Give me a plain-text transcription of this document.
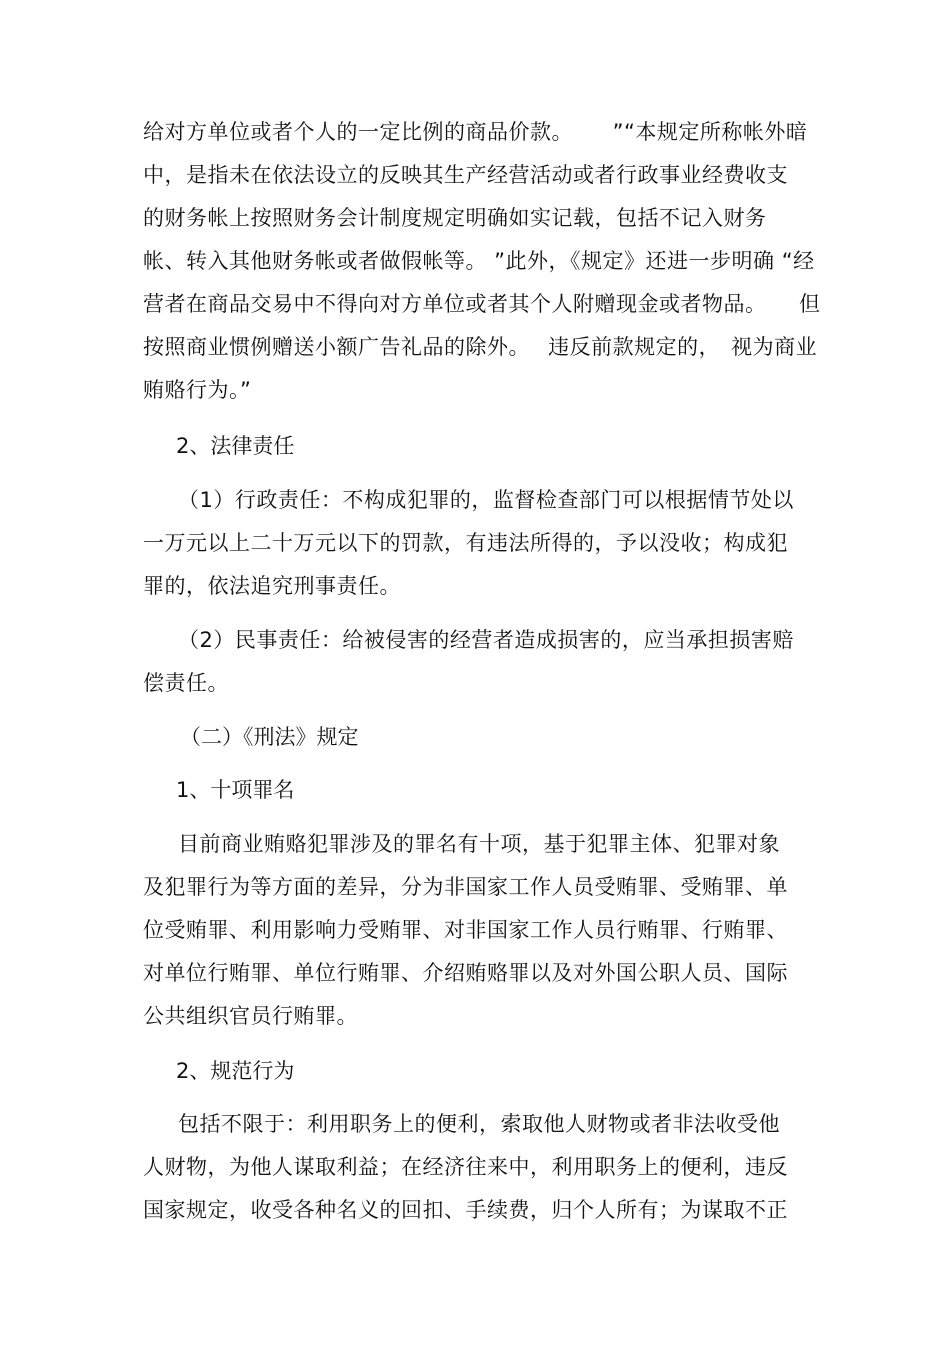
给对方单位或者个人的一定比例的商品价款。　　 ”“本规定所称帐外暗
中，是指未在依法设立的反映其生产经营活动或者行政事业经费收支
的财务帐上按照财务会计制度规定明确如实记载，包括不记入财务
帐、转入其他财务帐或者做假帐等。 ”此外，《规定》还进一步明确 “经
营者在商品交易中不得向对方单位或者其个人附赠现金或者物品。　　但
按照商业惯例赠送小额广告礼品的除外。　 违反前款规定的，　视为商业
贿赂行为。”
2、法律责任
（1）行政责任：不构成犯罪的，监督检查部门可以根据情节处以
一万元以上二十万元以下的罚款，有违法所得的，予以没收；构成犯
罪的，依法追究刑事责任。
（2）民事责任：给被侵害的经营者造成损害的，应当承担损害赔
偿责任。
（二）《刑法》规定
1、十项罪名
目前商业贿赂犯罪涉及的罪名有十项，基于犯罪主体、犯罪对象
及犯罪行为等方面的差异，分为非国家工作人员受贿罪、受贿罪、单
位受贿罪、利用影响力受贿罪、对非国家工作人员行贿罪、行贿罪、
对单位行贿罪、单位行贿罪、介绍贿赂罪以及对外国公职人员、国际
公共组织官员行贿罪。
2、规范行为
包括不限于：利用职务上的便利，索取他人财物或者非法收受他
人财物，为他人谋取利益；在经济往来中，利用职务上的便利，违反
国家规定，收受各种名义的回扣、手续费，归个人所有；为谋取不正
